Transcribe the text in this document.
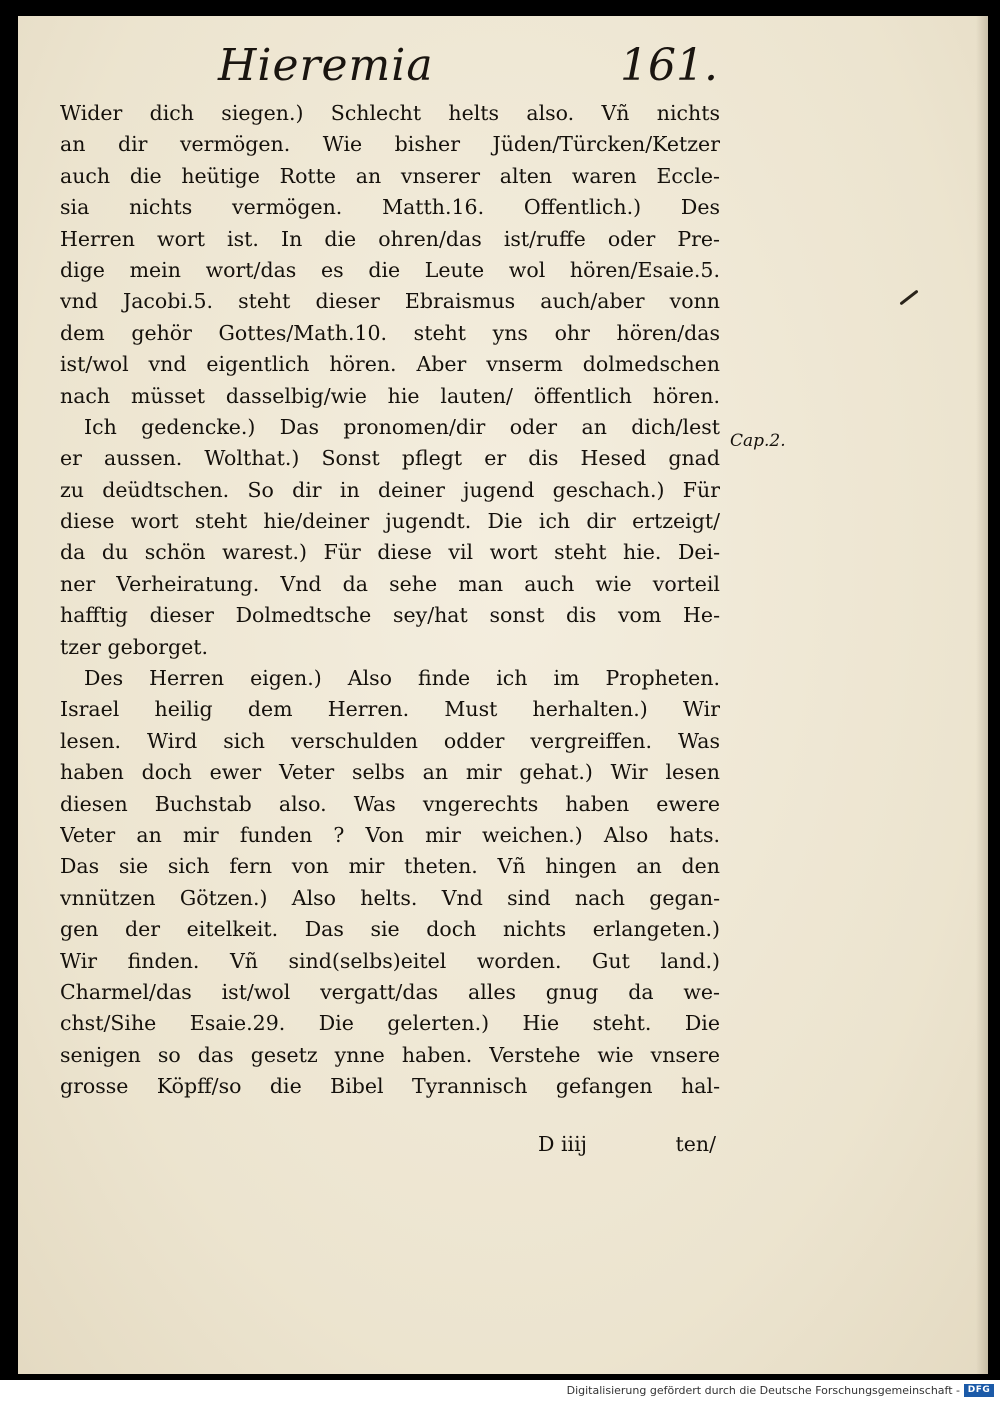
Hieremia	161.
Wider dich siegen.) Schlecht helts also. Vñ nichts
an dir vermögen. Wie bisher Jüden/Türcken/Ketzer
auch die heütige Rotte an vnserer alten waren Eccle-
sia nichts vermögen. Matth.16. Offentlich.) Des
Herren wort ist. In die ohren/das ist/ruffe oder Pre-
dige mein wort/das es die Leute wol hören/Esaie.5.
vnd Jacobi.5. steht dieser Ebraismus auch/aber vonn
dem gehör Gottes/Math.10. steht yns ohr hören/das
ist/wol vnd eigentlich hören. Aber vnserm dolmedschen
nach müsset dasselbig/wie hie lauten/ öffentlich hören.
Ich gedencke.) Das pronomen/dir oder an dich/lest
er aussen. Wolthat.) Sonst pflegt er dis Hesed gnad
zu deüdtschen. So dir in deiner jugend geschach.) Für
diese wort steht hie/deiner jugendt. Die ich dir ertzeigt/
da du schön warest.) Für diese vil wort steht hie. Dei-
ner Verheiratung. Vnd da sehe man auch wie vorteil
hafftig dieser Dolmedtsche sey/hat sonst dis vom He-
tzer geborget.
Des Herren eigen.) Also finde ich im Propheten.
Israel heilig dem Herren. Must herhalten.) Wir
lesen. Wird sich verschulden odder vergreiffen. Was
haben doch ewer Veter selbs an mir gehat.) Wir lesen
diesen Buchstab also. Was vngerechts haben ewere
Veter an mir funden ? Von mir weichen.) Also hats.
Das sie sich fern von mir theten. Vñ hingen an den
vnnützen Götzen.) Also helts. Vnd sind nach gegan-
gen der eitelkeit. Das sie doch nichts erlangeten.)
Wir finden. Vñ sind(selbs)eitel worden. Gut land.)
Charmel/das ist/wol vergatt/das alles gnug da we-
chst/Sihe Esaie.29. Die gelerten.) Hie steht. Die
senigen so das gesetz ynne haben. Verstehe wie vnsere
grosse Köpff/so die Bibel Tyrannisch gefangen hal-
Cap.2.
D iiij	ten/
Digitalisierung gefördert durch die Deutsche Forschungsgemeinschaft - DFG
